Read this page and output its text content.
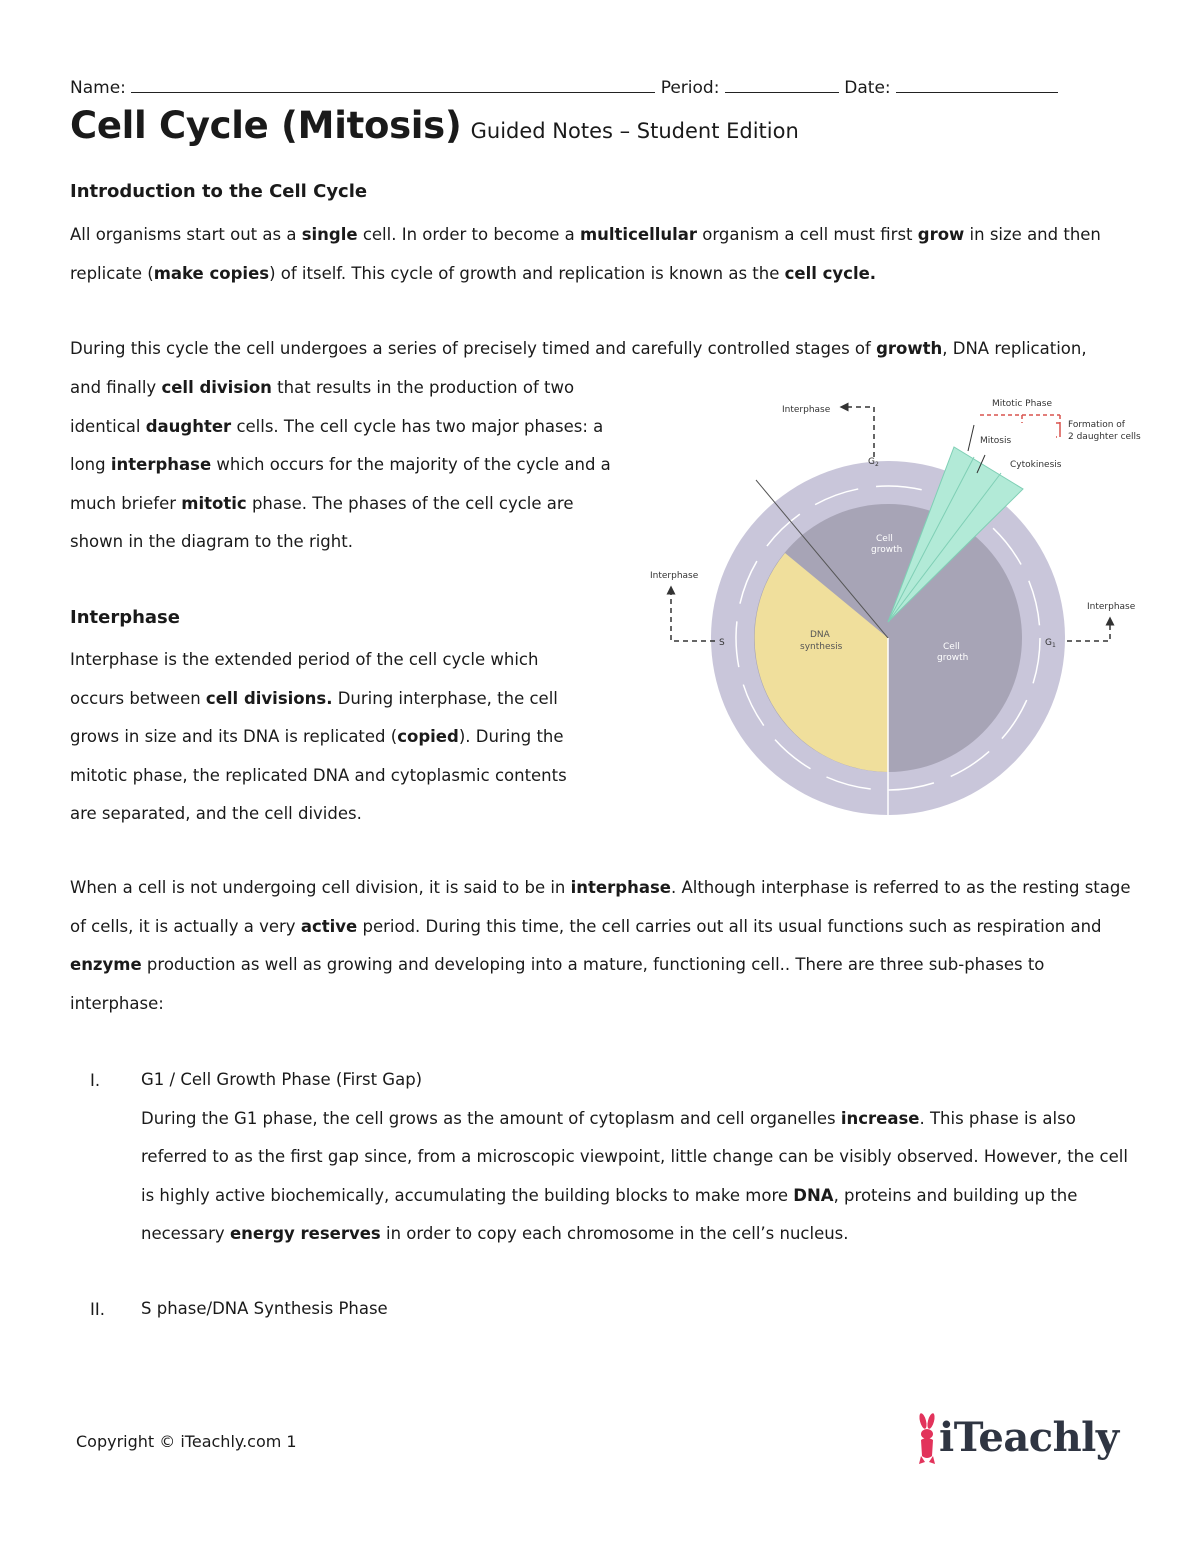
Name:	Period:	Date:
Cell Cycle (Mitosis) Guided Notes – Student Edition
Introduction to the Cell Cycle

All organisms start out as a single cell. In order to become a multicellular organism a cell must first grow in size and then replicate (make copies) of itself. This cycle of growth and replication is known as the cell cycle.

During this cycle the cell undergoes a series of precisely timed and carefully controlled stages of growth, DNA replication,

and finally cell division that results in the production of two identical daughter cells. The cell cycle has two major phases: a long interphase which occurs for the majority of the cycle and a much briefer mitotic phase. The phases of the cell cycle are shown in the diagram to the right.

Interphase

Interphase is the extended period of the cell cycle which occurs between cell divisions. During interphase, the cell grows in size and its DNA is replicated (copied). During the mitotic phase, the replicated DNA and cytoplasmic contents are separated, and the cell divides.

When a cell is not undergoing cell division, it is said to be in interphase. Although interphase is referred to as the resting stage of cells, it is actually a very active period. During this time, the cell carries out all its usual functions such as respiration and enzyme production as well as growing and developing into a mature, functioning cell.. There are three sub-phases to interphase:

I. G1 / Cell Growth Phase (First Gap)
During the G1 phase, the cell grows as the amount of cytoplasm and cell organelles increase. This phase is also referred to as the first gap since, from a microscopic viewpoint, little change can be visibly observed. However, the cell is highly active biochemically, accumulating the building blocks to make more DNA, proteins and building up the necessary energy reserves in order to copy each chromosome in the cell’s nucleus.

II. S phase/DNA Synthesis Phase

Interphase
Interphase
Interphase
Mitotic Phase
Formation of
2 daughter cells
Mitosis
Cytokinesis
$G_2$
S	$G_1$
Cell
growth
DNA
synthesis	Cell
growth
Copyright © iTeachly.com 1	iTeachly
